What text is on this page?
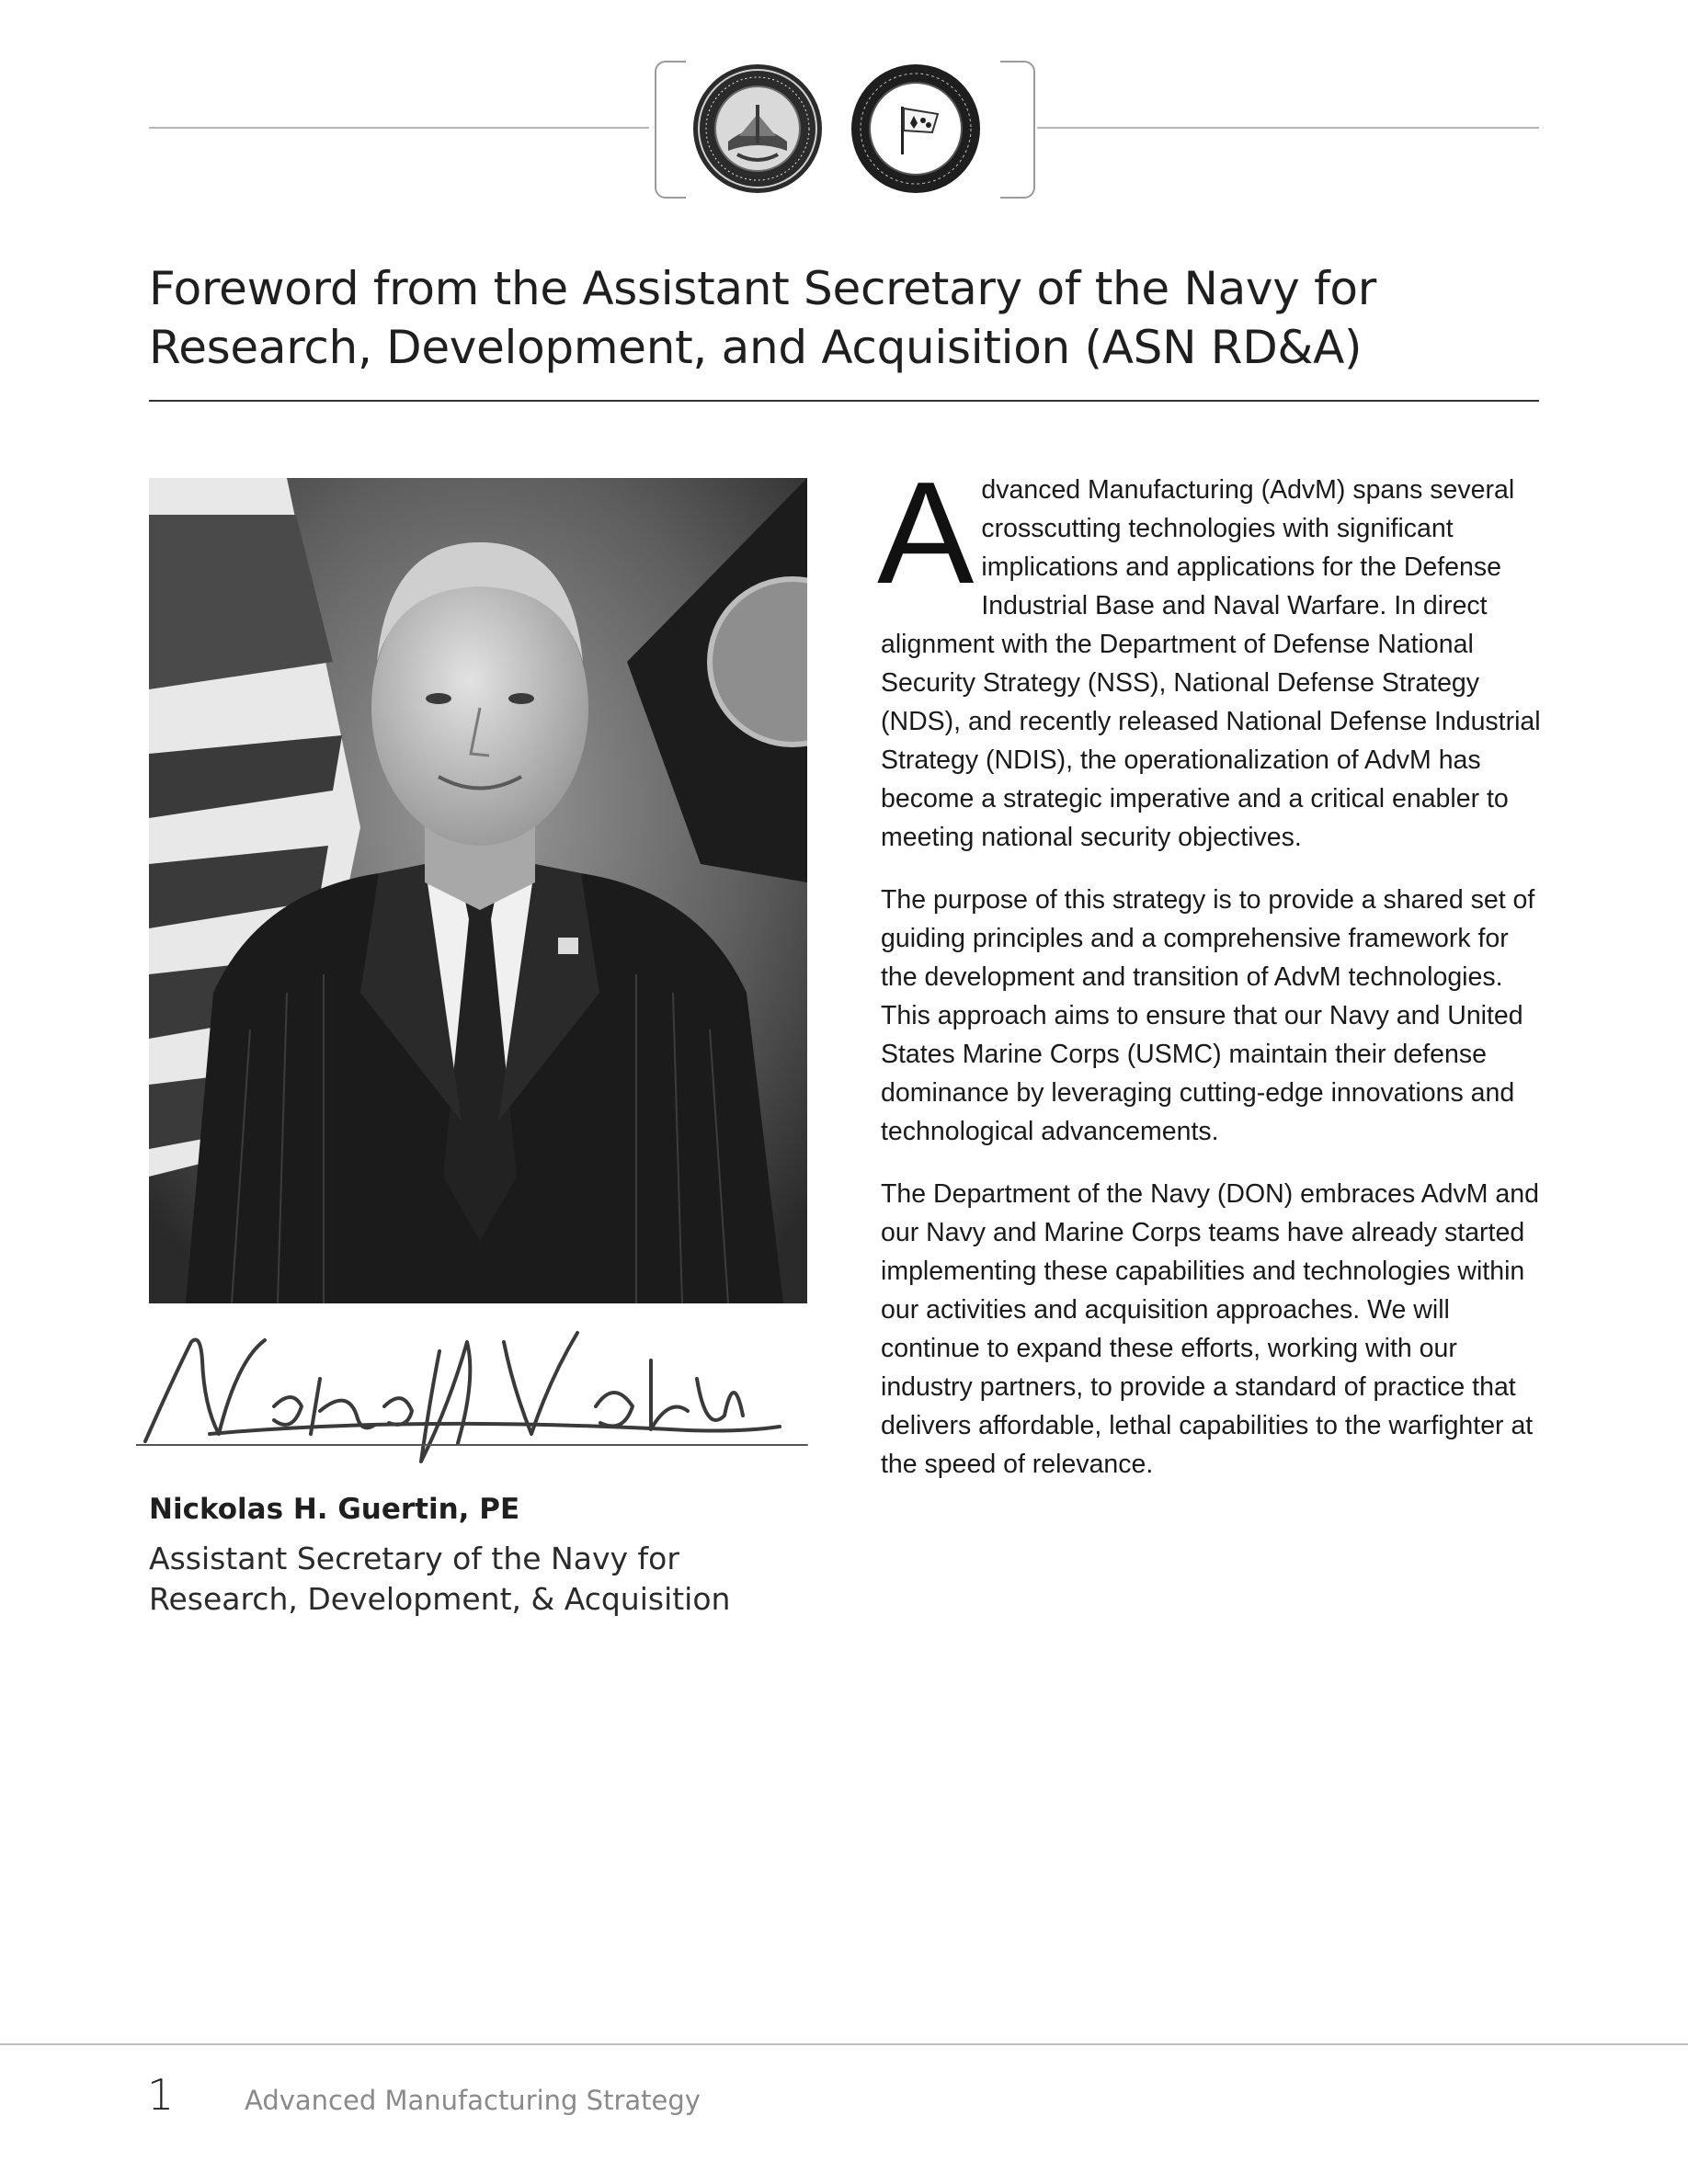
Foreword from the Assistant Secretary of the Navy for
Research, Development, and Acquisition (ASN RD&A)
Nickolas H. Guertin, PE
Assistant Secretary of the Navy for
Research, Development, & Acquisition

Advanced Manufacturing (AdvM) spans several crosscutting technologies with significant implications and applications for the Defense Industrial Base and Naval Warfare. In direct alignment with the Department of Defense National Security Strategy (NSS), National Defense Strategy (NDS), and recently released National Defense Industrial Strategy (NDIS), the operationalization of AdvM has become a strategic imperative and a critical enabler to meeting national security objectives.

The purpose of this strategy is to provide a shared set of guiding principles and a comprehensive framework for the development and transition of AdvM technologies. This approach aims to ensure that our Navy and United States Marine Corps (USMC) maintain their defense dominance by leveraging cutting-edge innovations and technological advancements.

The Department of the Navy (DON) embraces AdvM and our Navy and Marine Corps teams have already started implementing these capabilities and technologies within our activities and acquisition approaches. We will continue to expand these efforts, working with our industry partners, to provide a standard of practice that delivers affordable, lethal capabilities to the warfighter at the speed of relevance.

1	Advanced Manufacturing Strategy
